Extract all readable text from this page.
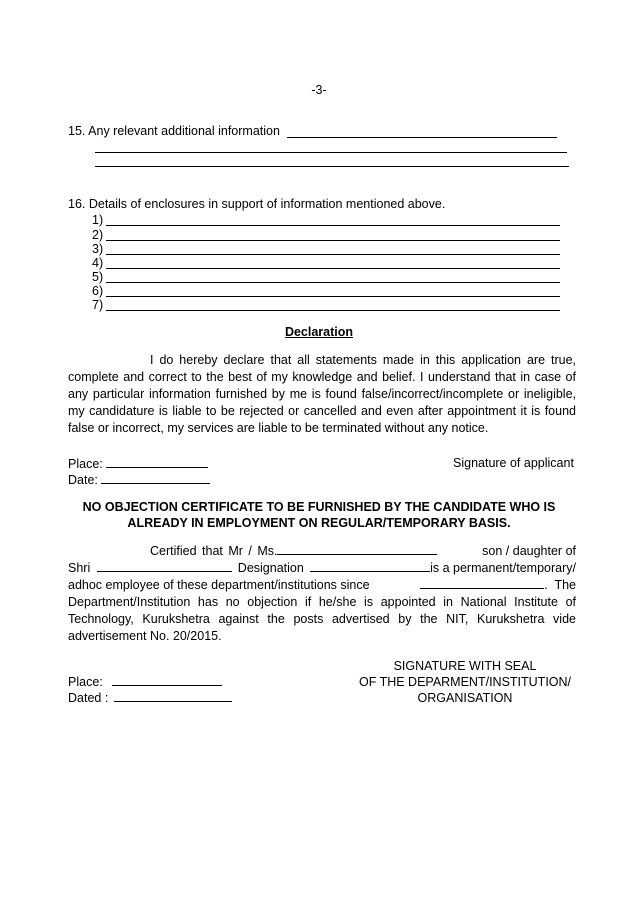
-3-
15. Any relevant additional information
16. Details of enclosures in support of information mentioned above.
1)
2)
3)
4)
5)
6)
7)
Declaration
I do hereby declare that all statements made in this application are true,
complete and correct to the best of my knowledge and belief. I understand that in case of
any particular information furnished by me is found false/incorrect/incomplete or ineligible,
my candidature is liable to be rejected or cancelled and even after appointment it is found
false or incorrect, my services are liable to be terminated without any notice.
Place:
Date:
Signature of applicant
NO OBJECTION CERTIFICATE TO BE FURNISHED BY THE CANDIDATE WHO IS
ALREADY IN EMPLOYMENT ON REGULAR/TEMPORARY BASIS.
Certified that Mr / Ms.	son / daughter of
Shri	Designation	is a permanent/temporary/
adhoc employee of these department/institutions since	.  The
Department/Institution has no objection if he/she is appointed in National Institute of
Technology, Kurukshetra against the posts advertised by the NIT, Kurukshetra vide
advertisement No. 20/2015.
Place:
Dated :
SIGNATURE WITH SEAL
OF THE DEPARMENT/INSTITUTION/
ORGANISATION
